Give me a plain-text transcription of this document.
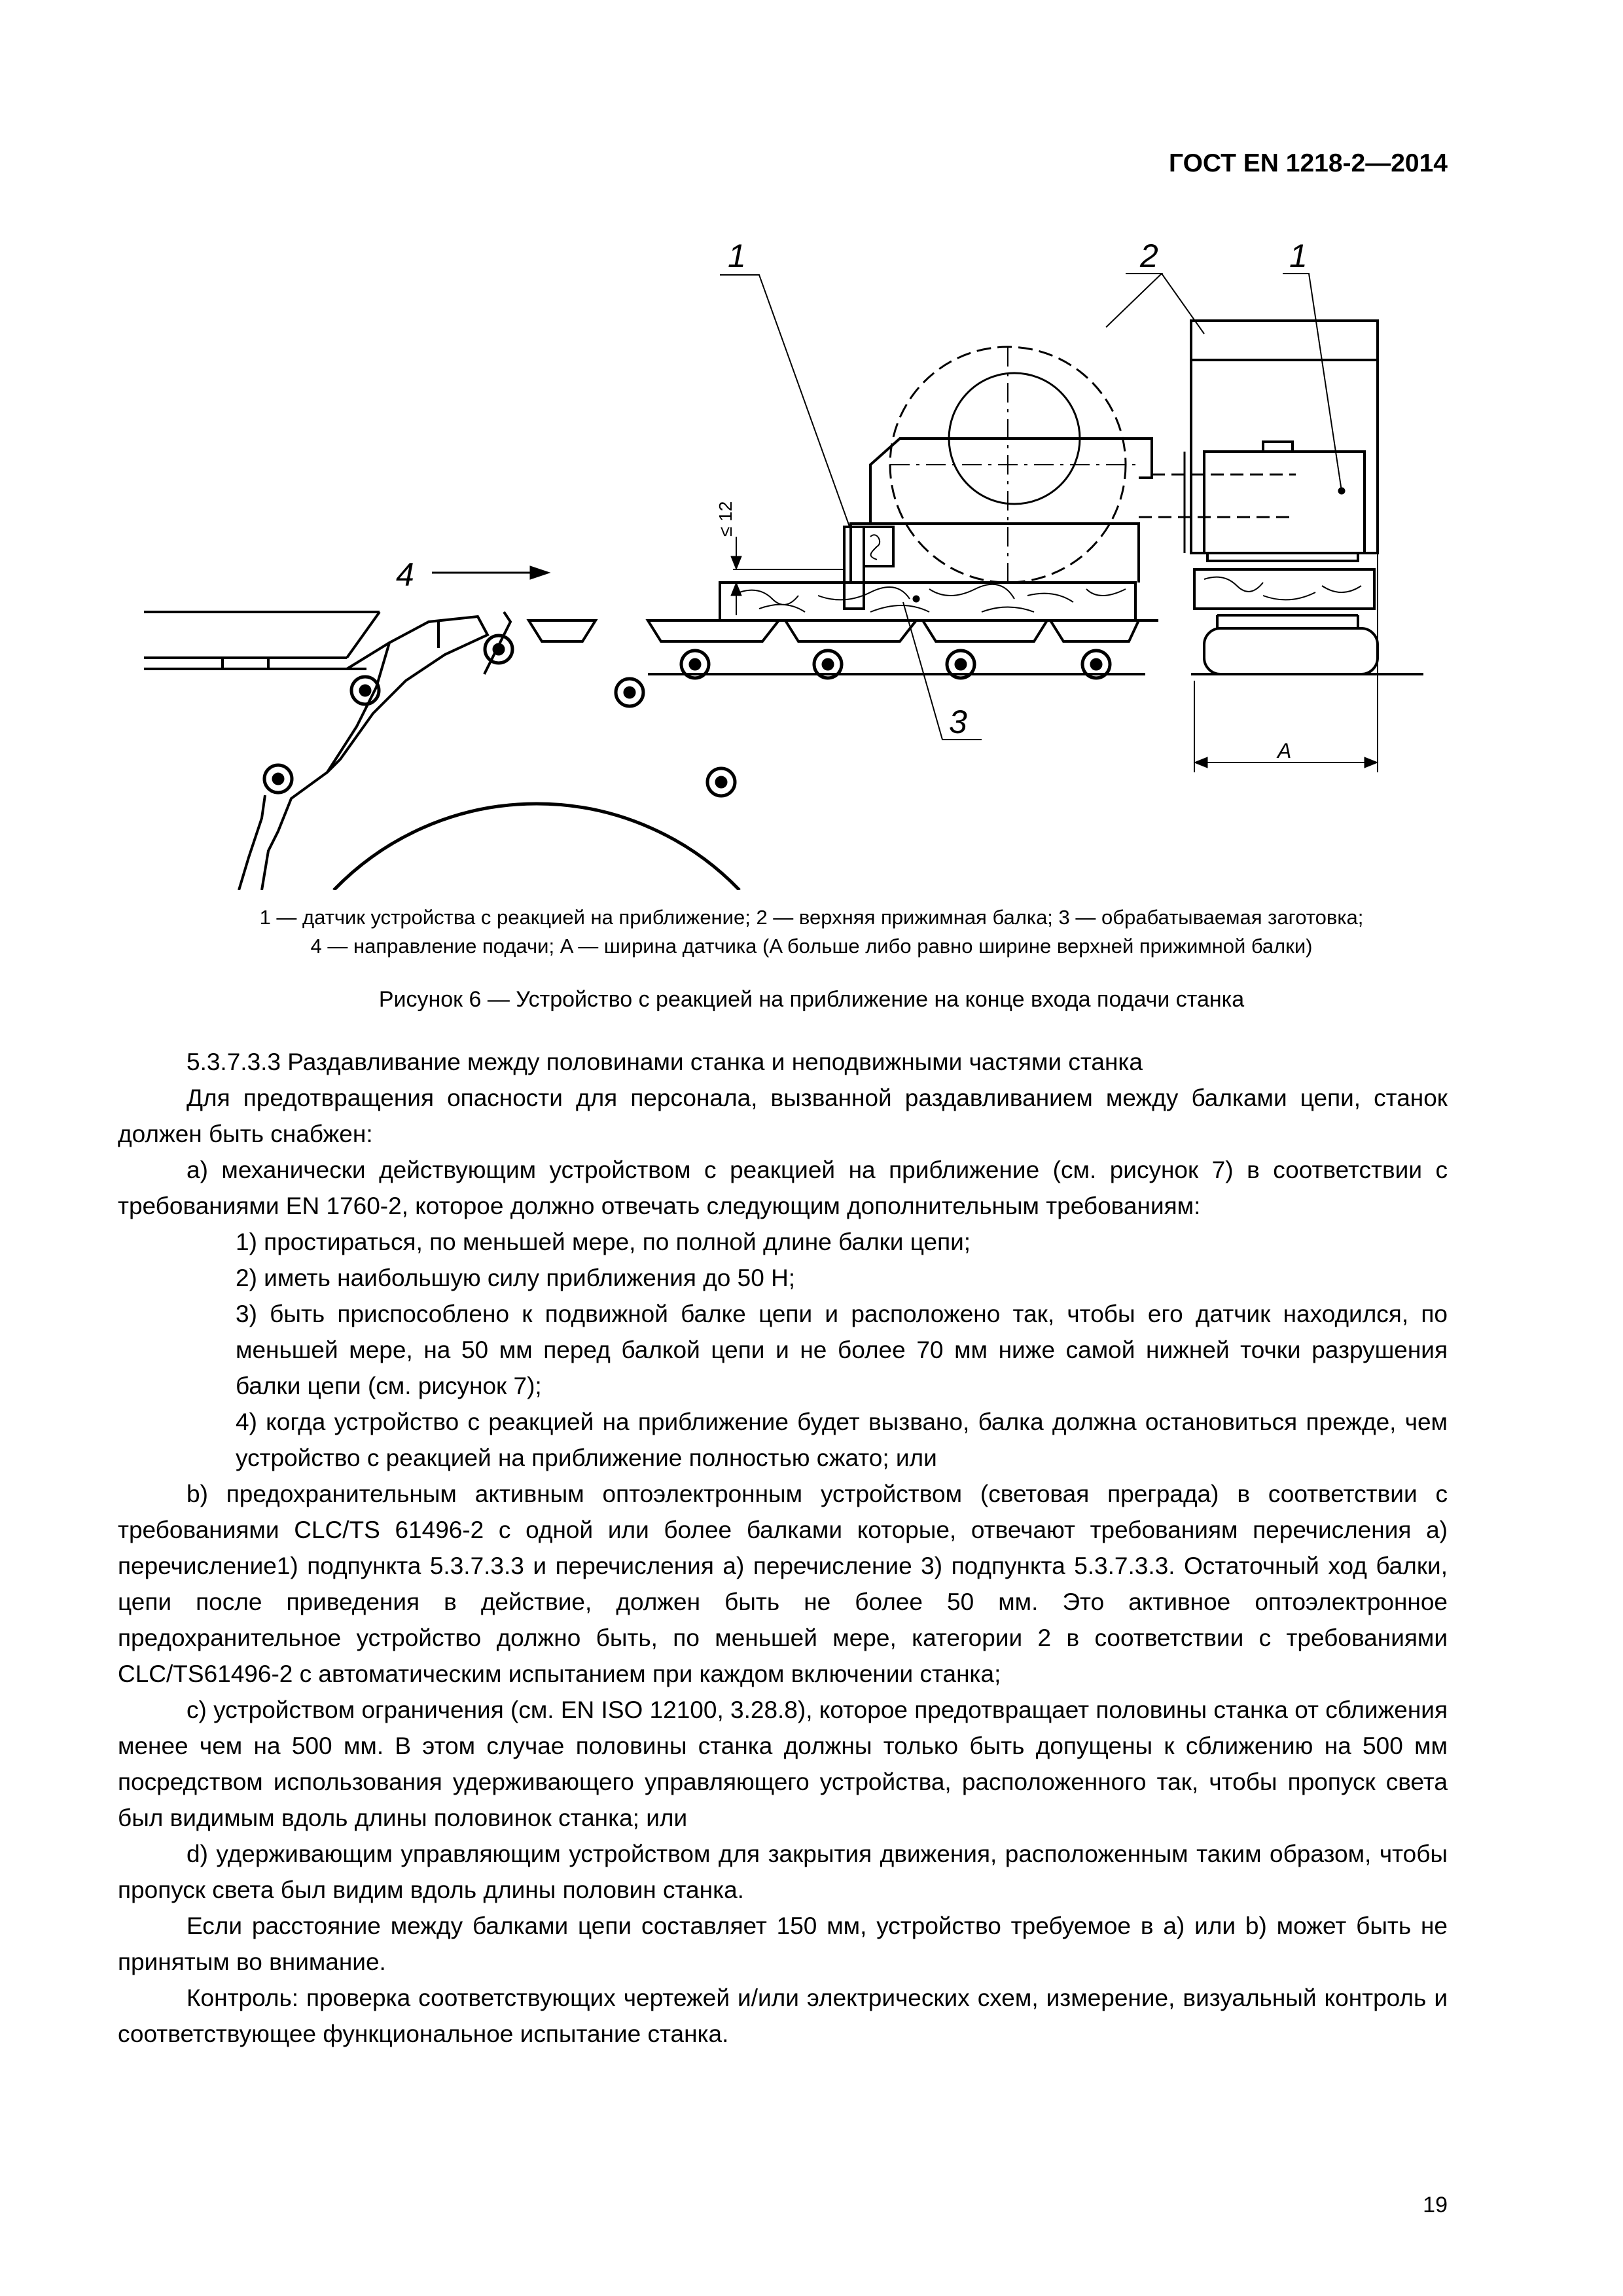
ГОСТ EN 1218-2—2014
1	2	1
3
4
A
≤ 12
1 — датчик устройства с реакцией на приближение; 2 — верхняя прижимная балка; 3 — обрабатываемая заготовка;
4 — направление подачи; A — ширина датчика (A больше либо равно ширине верхней прижимной балки)
Рисунок 6 — Устройство с реакцией на приближение на конце входа подачи станка

5.3.7.3.3 Раздавливание между половинами станка и неподвижными частями станка

Для предотвращения опасности для персонала, вызванной раздавливанием между балками цепи, станок должен быть снабжен:

a) механически действующим устройством с реакцией на приближение (см. рисунок 7) в соответствии с требованиями EN 1760-2, которое должно отвечать следующим дополнительным требованиям:

1) простираться, по меньшей мере, по полной длине балки цепи;

2) иметь наибольшую силу приближения до 50 H;

3) быть приспособлено к подвижной балке цепи и расположено так, чтобы его датчик находился, по меньшей мере, на 50 мм перед балкой цепи и не более 70 мм ниже самой нижней точки разрушения балки цепи (см. рисунок 7);

4) когда устройство с реакцией на приближение будет вызвано, балка должна остановиться прежде, чем устройство с реакцией на приближение полностью сжато; или

b) предохранительным активным оптоэлектронным устройством (световая преграда) в соответствии с требованиями CLC/TS 61496-2 с одной или более балками которые, отвечают требованиям перечисления a) перечисление1) подпункта 5.3.7.3.3 и перечисления a) перечисление 3) подпункта 5.3.7.3.3. Остаточный ход балки, цепи после приведения в действие, должен быть не более 50 мм. Это активное оптоэлектронное предохранительное устройство должно быть, по меньшей мере, категории 2 в соответствии с требованиями CLC/TS61496-2 с автоматическим испытанием при каждом включении станка;

c) устройством ограничения (см. EN ISO 12100, 3.28.8), которое предотвращает половины станка от сближения менее чем на 500 мм. В этом случае половины станка должны только быть допущены к сближению на 500 мм посредством использования удерживающего управляющего устройства, расположенного так, чтобы пропуск света был видимым вдоль длины половинок станка; или

d) удерживающим управляющим устройством для закрытия движения, расположенным таким образом, чтобы пропуск света был видим вдоль длины половин станка.

Если расстояние между балками цепи составляет 150 мм, устройство требуемое в a) или b) может быть не принятым во внимание.

Контроль: проверка соответствующих чертежей и/или электрических схем, измерение, визуальный контроль и соответствующее функциональное испытание станка.

19
